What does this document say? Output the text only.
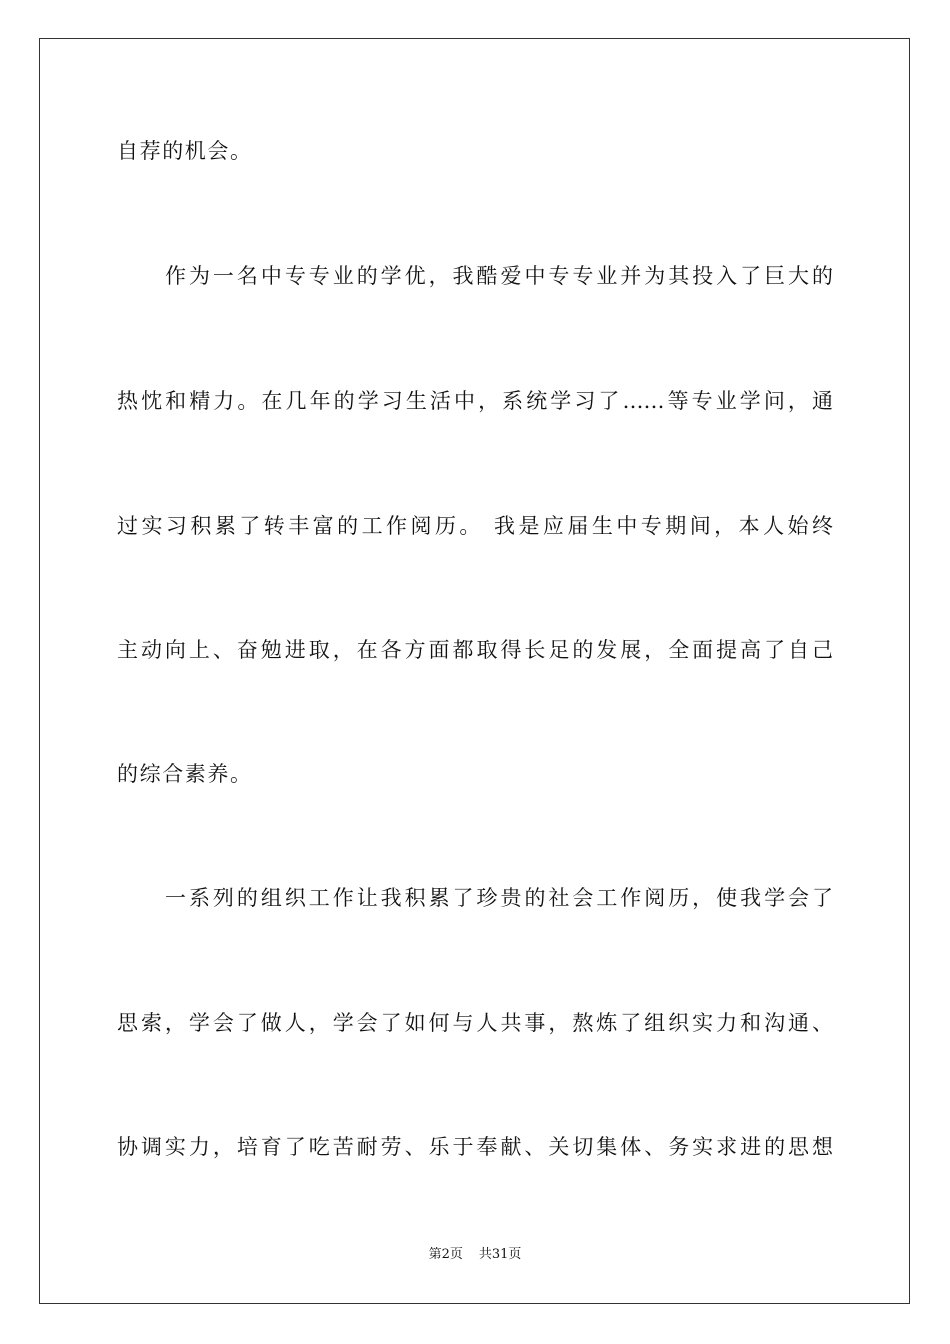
自荐的机会。
作为一名中专专业的学优，我酷爱中专专业并为其投入了巨大的
热忱和精力。在几年的学习生活中，系统学习了……等专业学问，通
过实习积累了转丰富的工作阅历。 我是应届生中专期间，本人始终
主动向上、奋勉进取，在各方面都取得长足的发展，全面提高了自己
的综合素养。
一系列的组织工作让我积累了珍贵的社会工作阅历，使我学会了
思索，学会了做人，学会了如何与人共事，熬炼了组织实力和沟通、
协调实力，培育了吃苦耐劳、乐于奉献、关切集体、务实求进的思想
第2页 共31页
